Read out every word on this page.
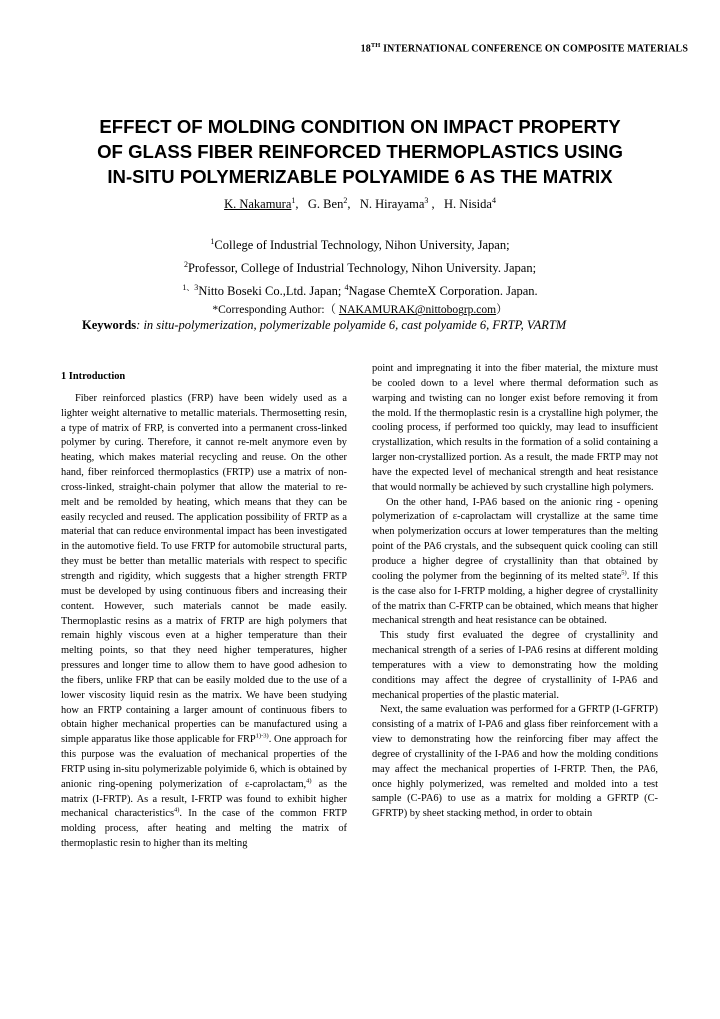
18TH INTERNATIONAL CONFERENCE ON COMPOSITE MATERIALS
EFFECT OF MOLDING CONDITION ON IMPACT PROPERTY
OF GLASS FIBER REINFORCED THERMOPLASTICS USING
IN-SITU POLYMERIZABLE POLYAMIDE 6 AS THE MATRIX
K. Nakamura$^1$,   G. Ben$^2$,   N. Hirayama$^3$ ,   H. Nisida$^4$
$^1$College of Industrial Technology, Nihon University, Japan;
$^2$Professor, College of Industrial Technology, Nihon University. Japan;
$^{1、3}$Nitto Boseki Co.,Ltd. Japan; $^4$Nagase ChemteX Corporation. Japan.
*Corresponding Author:（ NAKAMURAK@nittobogrp.com）
Keywords: in situ-polymerization, polymerizable polyamide 6, cast polyamide 6, FRTP, VARTM
1 Introduction

Fiber reinforced plastics (FRP) have been widely used as a lighter weight alternative to metallic materials. Thermosetting resin, a type of matrix of FRP, is converted into a permanent cross-linked polymer by curing. Therefore, it cannot re-melt anymore even by heating, which makes material recycling and reuse. On the other hand, fiber reinforced thermoplastics (FRTP) use a matrix of non-cross-linked, straight-chain polymer that allow the material to re-melt and be remolded by heating, which means that they can be easily recycled and reused. The application possibility of FRTP as a material that can reduce environmental impact has been investigated in the automotive field. To use FRTP for automobile structural parts, they must be better than metallic materials with respect to specific strength and rigidity, which suggests that a higher strength FRTP must be developed by using continuous fibers and increasing their content. However, such materials cannot be made easily. Thermoplastic resins as a matrix of FRTP are high polymers that remain highly viscous even at a higher temperature than their melting points, so that they need higher temperatures, higher pressures and longer time to allow them to have good adhesion to the fibers, unlike FRP that can be easily molded due to the use of a lower viscosity liquid resin as the matrix. We have been studying how an FRTP containing a larger amount of continuous fibers to obtain higher mechanical properties can be manufactured using a simple apparatus like those applicable for $FRP^{1)-3)}$. One approach for this purpose was the evaluation of mechanical properties of the FRTP using in-situ polymerizable polyimide 6, which is obtained by anionic ring-opening polymerization of ε-caprolactam,$^{4)}$ as the matrix (I-FRTP). As a result, I-FRTP was found to exhibit higher mechanical characteristics$^{4)}$. In the case of the common FRTP molding process, after heating and melting the matrix of thermoplastic resin to higher than its melting

point and impregnating it into the fiber material, the mixture must be cooled down to a level where thermal deformation such as warping and twisting can no longer exist before removing it from the mold. If the thermoplastic resin is a crystalline high polymer, the cooling process, if performed too quickly, may lead to insufficient crystallization, which results in the formation of a solid containing a larger non-crystallized portion. As a result, the made FRTP may not have the expected level of mechanical strength and heat resistance that would normally be achieved by such crystalline high polymers.

On the other hand, I-PA6 based on the anionic ring - opening polymerization of ε-caprolactam will crystallize at the same time when polymerization occurs at lower temperatures than the melting point of the PA6 crystals, and the subsequent quick cooling can still produce a higher degree of crystallinity than that obtained by cooling the polymer from the beginning of its melted state$^{5)}$. If this is the case also for I-FRTP molding, a higher degree of crystallinity of the matrix than C-FRTP can be obtained, which means that higher mechanical strength and heat resistance can be obtained.

This study first evaluated the degree of crystallinity and mechanical strength of a series of I-PA6 resins at different molding temperatures with a view to demonstrating how the molding conditions may affect the degree of crystallinity of I-PA6 and mechanical properties of the plastic material.

Next, the same evaluation was performed for a GFRTP (I-GFRTP) consisting of a matrix of I-PA6 and glass fiber reinforcement with a view to demonstrating how the reinforcing fiber may affect the degree of crystallinity of the I-PA6 and how the molding conditions may affect the mechanical properties of I-FRTP. Then, the PA6, once highly polymerized, was remelted and molded into a test sample (C-PA6) to use as a matrix for molding a GFRTP (C-GFRTP) by sheet stacking method, in order to obtain
